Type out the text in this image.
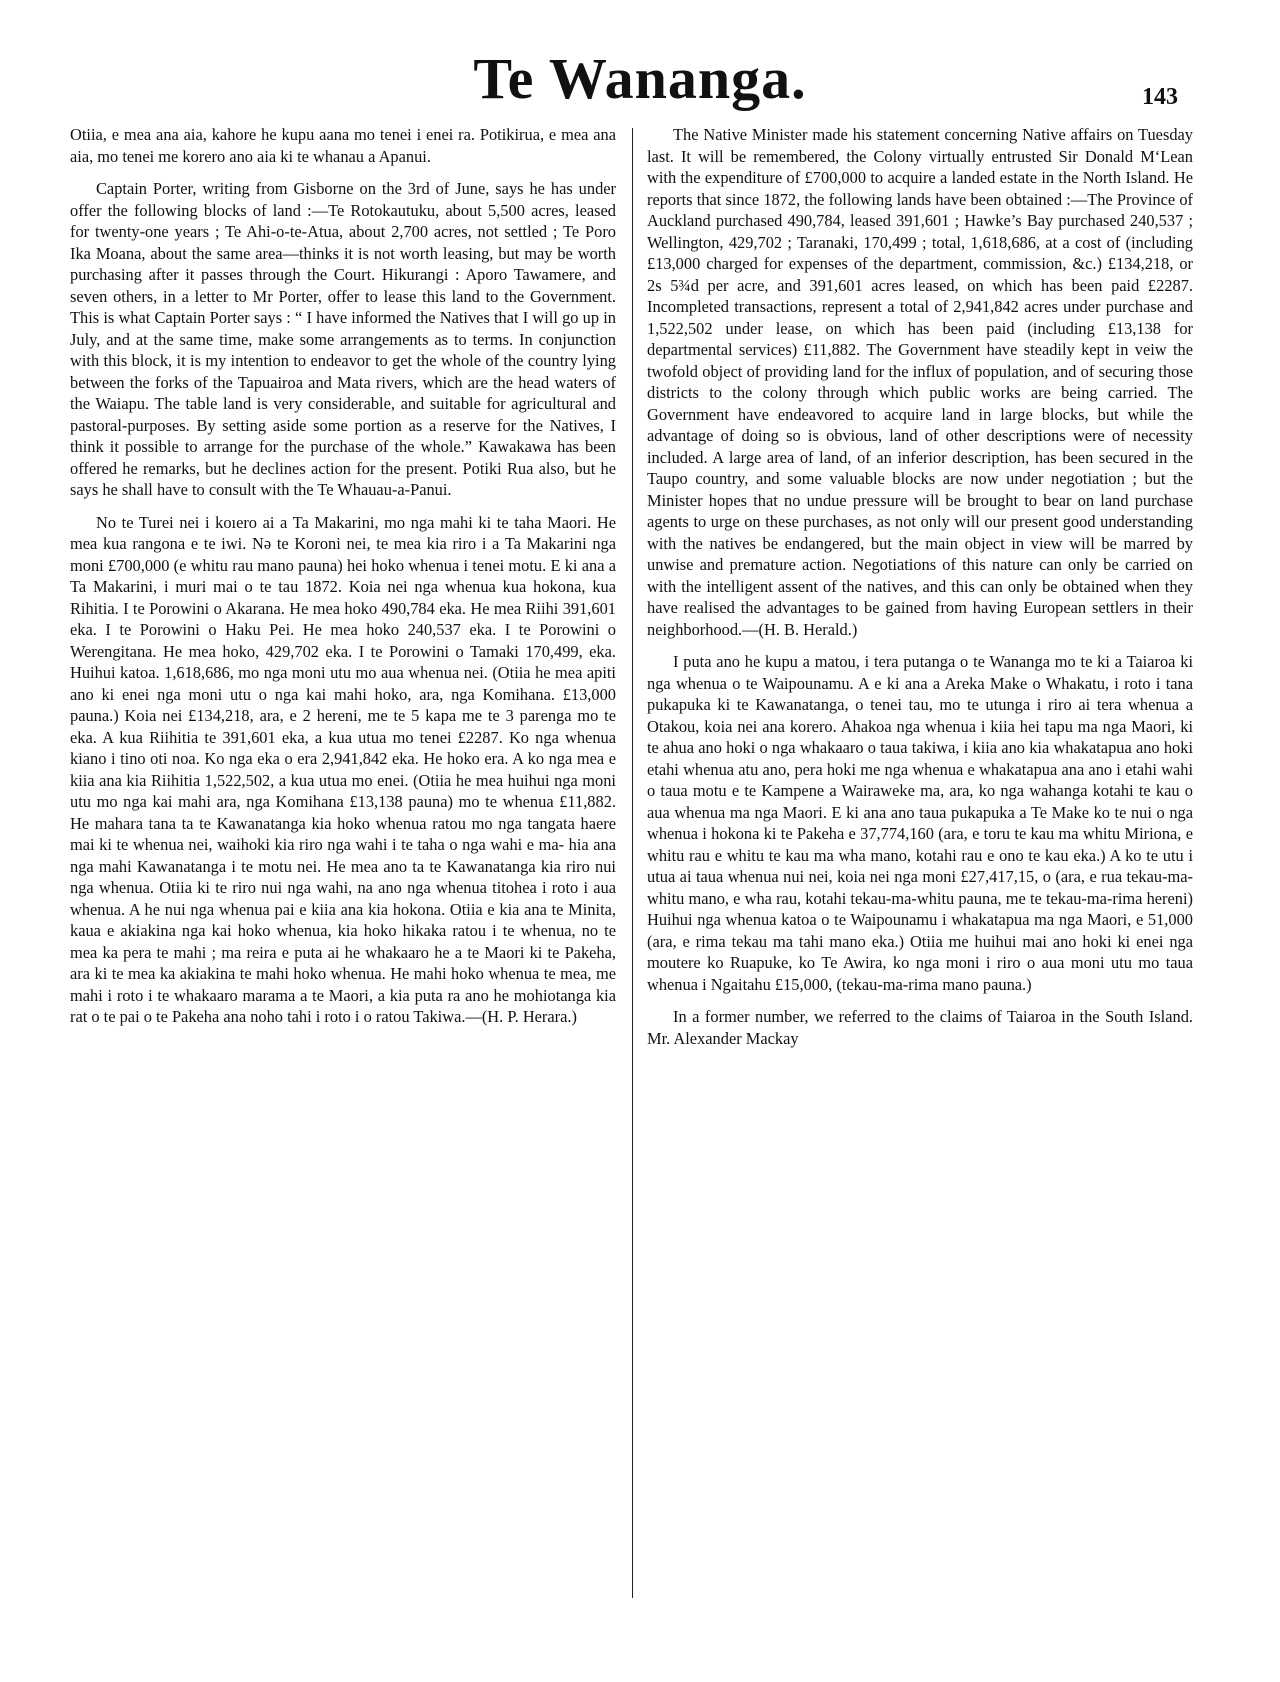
Te Wananga.	143

Otiia, e mea ana aia, kahore he kupu aana mo tenei i enei ra. Potikirua, e mea ana aia, mo tenei me korero ano aia ki te whanau a Apanui.

Captain Porter, writing from Gisborne on the 3rd of June, says he has under offer the following blocks of land :—Te Rotokautuku, about 5,500 acres, leased for twenty-one years ; Te Ahi-o-te-Atua, about 2,700 acres, not settled ; Te Poro Ika Moana, about the same area—thinks it is not worth leasing, but may be worth purchasing after it passes through the Court. Hikurangi : Aporo Tawamere, and seven others, in a letter to Mr Porter, offer to lease this land to the Government. This is what Captain Porter says : “ I have informed the Natives that I will go up in July, and at the same time, make some arrangements as to terms. In conjunction with this block, it is my intention to endeavor to get the whole of the country lying between the forks of the Tapuairoa and Mata rivers, which are the head waters of the Waiapu. The table land is very considerable, and suitable for agricultural and pastoral-purposes. By setting aside some portion as a reserve for the Natives, I think it possible to arrange for the purchase of the whole.” Kawakawa has been offered he remarks, but he declines action for the present. Potiki Rua also, but he says he shall have to consult with the Te Whauau-a-Panui.

No te Turei nei i koıero ai a Ta Makarini, mo nga mahi ki te taha Maori. He mea kua rangona e te iwi. Nə te Koroni nei, te mea kia riro i a Ta Makarini nga moni £700,000 (e whitu rau mano pauna) hei hoko whenua i tenei motu. E ki ana a Ta Makarini, i muri mai o te tau 1872. Koia nei nga whenua kua hokona, kua Rihitia. I te Porowini o Akarana. He mea hoko 490,784 eka. He mea Riihi 391,601 eka. I te Porowini o Haku Pei. He mea hoko 240,537 eka. I te Porowini o Werengitana. He mea hoko, 429,702 eka. I te Porowini o Tamaki 170,499, eka. Huihui katoa. 1,618,686, mo nga moni utu mo aua whenua nei. (Otiia he mea apiti ano ki enei nga moni utu o nga kai mahi hoko, ara, nga Komihana. £13,000 pauna.) Koia nei £134,218, ara, e 2 hereni, me te 5 kapa me te 3 parenga mo te eka. A kua Riihitia te 391,601 eka, a kua utua mo tenei £2287. Ko nga whenua kiano i tino oti noa. Ko nga eka o era 2,941,842 eka. He hoko era. A ko nga mea e kiia ana kia Riihitia 1,522,502, a kua utua mo enei. (Otiia he mea huihui nga moni utu mo nga kai mahi ara, nga Komihana £13,138 pauna) mo te whenua £11,882. He mahara tana ta te Kawanatanga kia hoko whenua ratou mo nga tangata haere mai ki te whenua nei, waihoki kia riro nga wahi i te taha o nga wahi e ma- hia ana nga mahi Kawanatanga i te motu nei. He mea ano ta te Kawanatanga kia riro nui nga whenua. Otiia ki te riro nui nga wahi, na ano nga whenua titohea i roto i aua whenua. A he nui nga whenua pai e kiia ana kia hokona. Otiia e kia ana te Minita, kaua e akiakina nga kai hoko whenua, kia hoko hikaka ratou i te whenua, no te mea ka pera te mahi ; ma reira e puta ai he whakaaro he a te Maori ki te Pakeha, ara ki te mea ka akiakina te mahi hoko whenua. He mahi hoko whenua te mea, me mahi i roto i te whakaaro marama a te Maori, a kia puta ra ano he mohiotanga kia rat o te pai o te Pakeha ana noho tahi i roto i o ratou Takiwa.—(H. P. Herara.)

The Native Minister made his statement concerning Native affairs on Tuesday last. It will be remembered, the Colony virtually entrusted Sir Donald M‘Lean with the expenditure of £700,000 to acquire a landed estate in the North Island. He reports that since 1872, the following lands have been obtained :—The Province of Auckland purchased 490,784, leased 391,601 ; Hawke’s Bay purchased 240,537 ; Wellington, 429,702 ; Taranaki, 170,499 ; total, 1,618,686, at a cost of (including £13,000 charged for expenses of the department, commission, &c.) £134,218, or 2s 5¾d per acre, and 391,601 acres leased, on which has been paid £2287. Incompleted transactions, represent a total of 2,941,842 acres under purchase and 1,522,502 under lease, on which has been paid (including £13,138 for departmental services) £11,882. The Government have steadily kept in veiw the twofold object of providing land for the influx of population, and of securing those districts to the colony through which public works are being carried. The Government have endeavored to acquire land in large blocks, but while the advantage of doing so is obvious, land of other descriptions were of necessity included. A large area of land, of an inferior description, has been secured in the Taupo country, and some valuable blocks are now under negotiation ; but the Minister hopes that no undue pressure will be brought to bear on land purchase agents to urge on these purchases, as not only will our present good understanding with the natives be endangered, but the main object in view will be marred by unwise and premature action. Negotiations of this nature can only be carried on with the intelligent assent of the natives, and this can only be obtained when they have realised the advantages to be gained from having European settlers in their neighborhood.—(H. B. Herald.)

I puta ano he kupu a matou, i tera putanga o te Wananga mo te ki a Taiaroa ki nga whenua o te Waipounamu. A e ki ana a Areka Make o Whakatu, i roto i tana pukapuka ki te Kawanatanga, o tenei tau, mo te utunga i riro ai tera whenua a Otakou, koia nei ana korero. Ahakoa nga whenua i kiia hei tapu ma nga Maori, ki te ahua ano hoki o nga whakaaro o taua takiwa, i kiia ano kia whakatapua ano hoki etahi whenua atu ano, pera hoki me nga whenua e whakatapua ana ano i etahi wahi o taua motu e te Kampene a Wairaweke ma, ara, ko nga wahanga kotahi te kau o aua whenua ma nga Maori. E ki ana ano taua pukapuka a Te Make ko te nui o nga whenua i hokona ki te Pakeha e 37,774,160 (ara, e toru te kau ma whitu Miriona, e whitu rau e whitu te kau ma wha mano, kotahi rau e ono te kau eka.) A ko te utu i utua ai taua whenua nui nei, koia nei nga moni £27,417,15, o (ara, e rua tekau-ma-whitu mano, e wha rau, kotahi tekau-ma-whitu pauna, me te tekau-ma-rima hereni) Huihui nga whenua katoa o te Waipounamu i whakatapua ma nga Maori, e 51,000 (ara, e rima tekau ma tahi mano eka.) Otiia me huihui mai ano hoki ki enei nga moutere ko Ruapuke, ko Te Awira, ko nga moni i riro o aua moni utu mo taua whenua i Ngaitahu £15,000, (tekau-ma-rima mano pauna.)

In a former number, we referred to the claims of Taiaroa in the South Island. Mr. Alexander Mackay
